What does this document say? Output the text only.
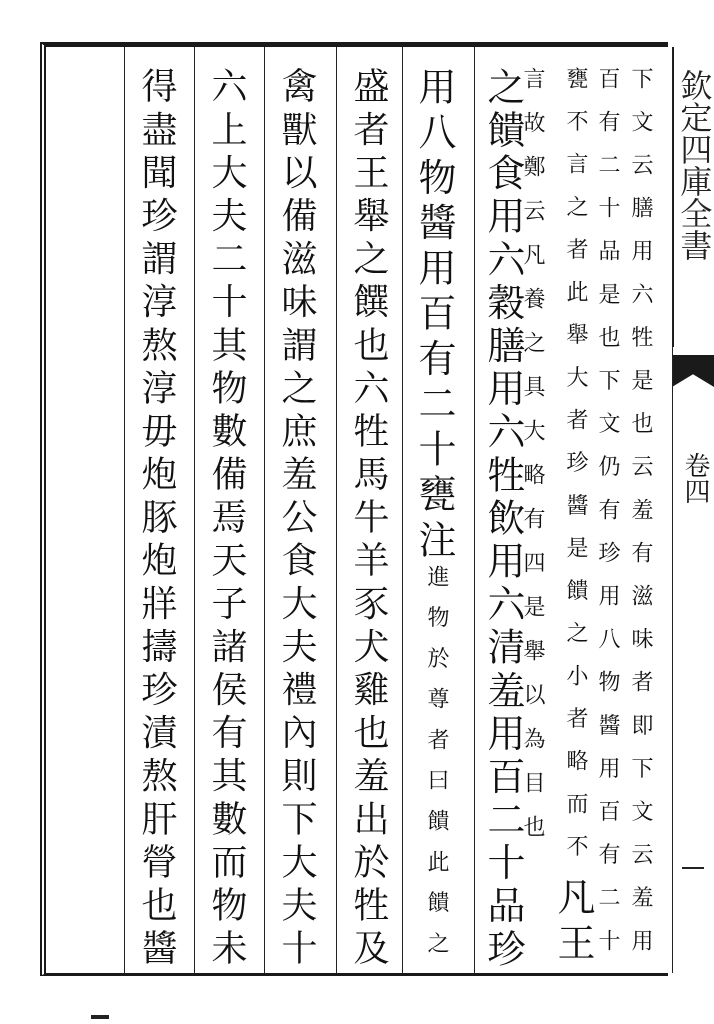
欽定四庫全書
卷四
下文云膳用六牲是也云羞有滋味者即下文云羞用
百有二十品是也下文仍有珍用八物醬用百有二十
甕不言之者此舉大者珍醬是饋之小者略而不
凡王
言故鄭云凡養之具大略有四是舉以為目也
之饋食用六穀膳用六牲飲用六清羞用百二十品珍
用八物醬用百有二十甕
注
進物於尊者曰饋此饋之
盛者王舉之饌也六牲馬牛羊豕犬雞也羞出於牲及
禽獸以備滋味謂之庶羞公食大夫禮內則下大夫十
六上大夫二十其物數備焉天子諸侯有其數而物未
得盡聞珍謂淳熬淳毋炮豚炮牂擣珍漬熬肝膋也醬
